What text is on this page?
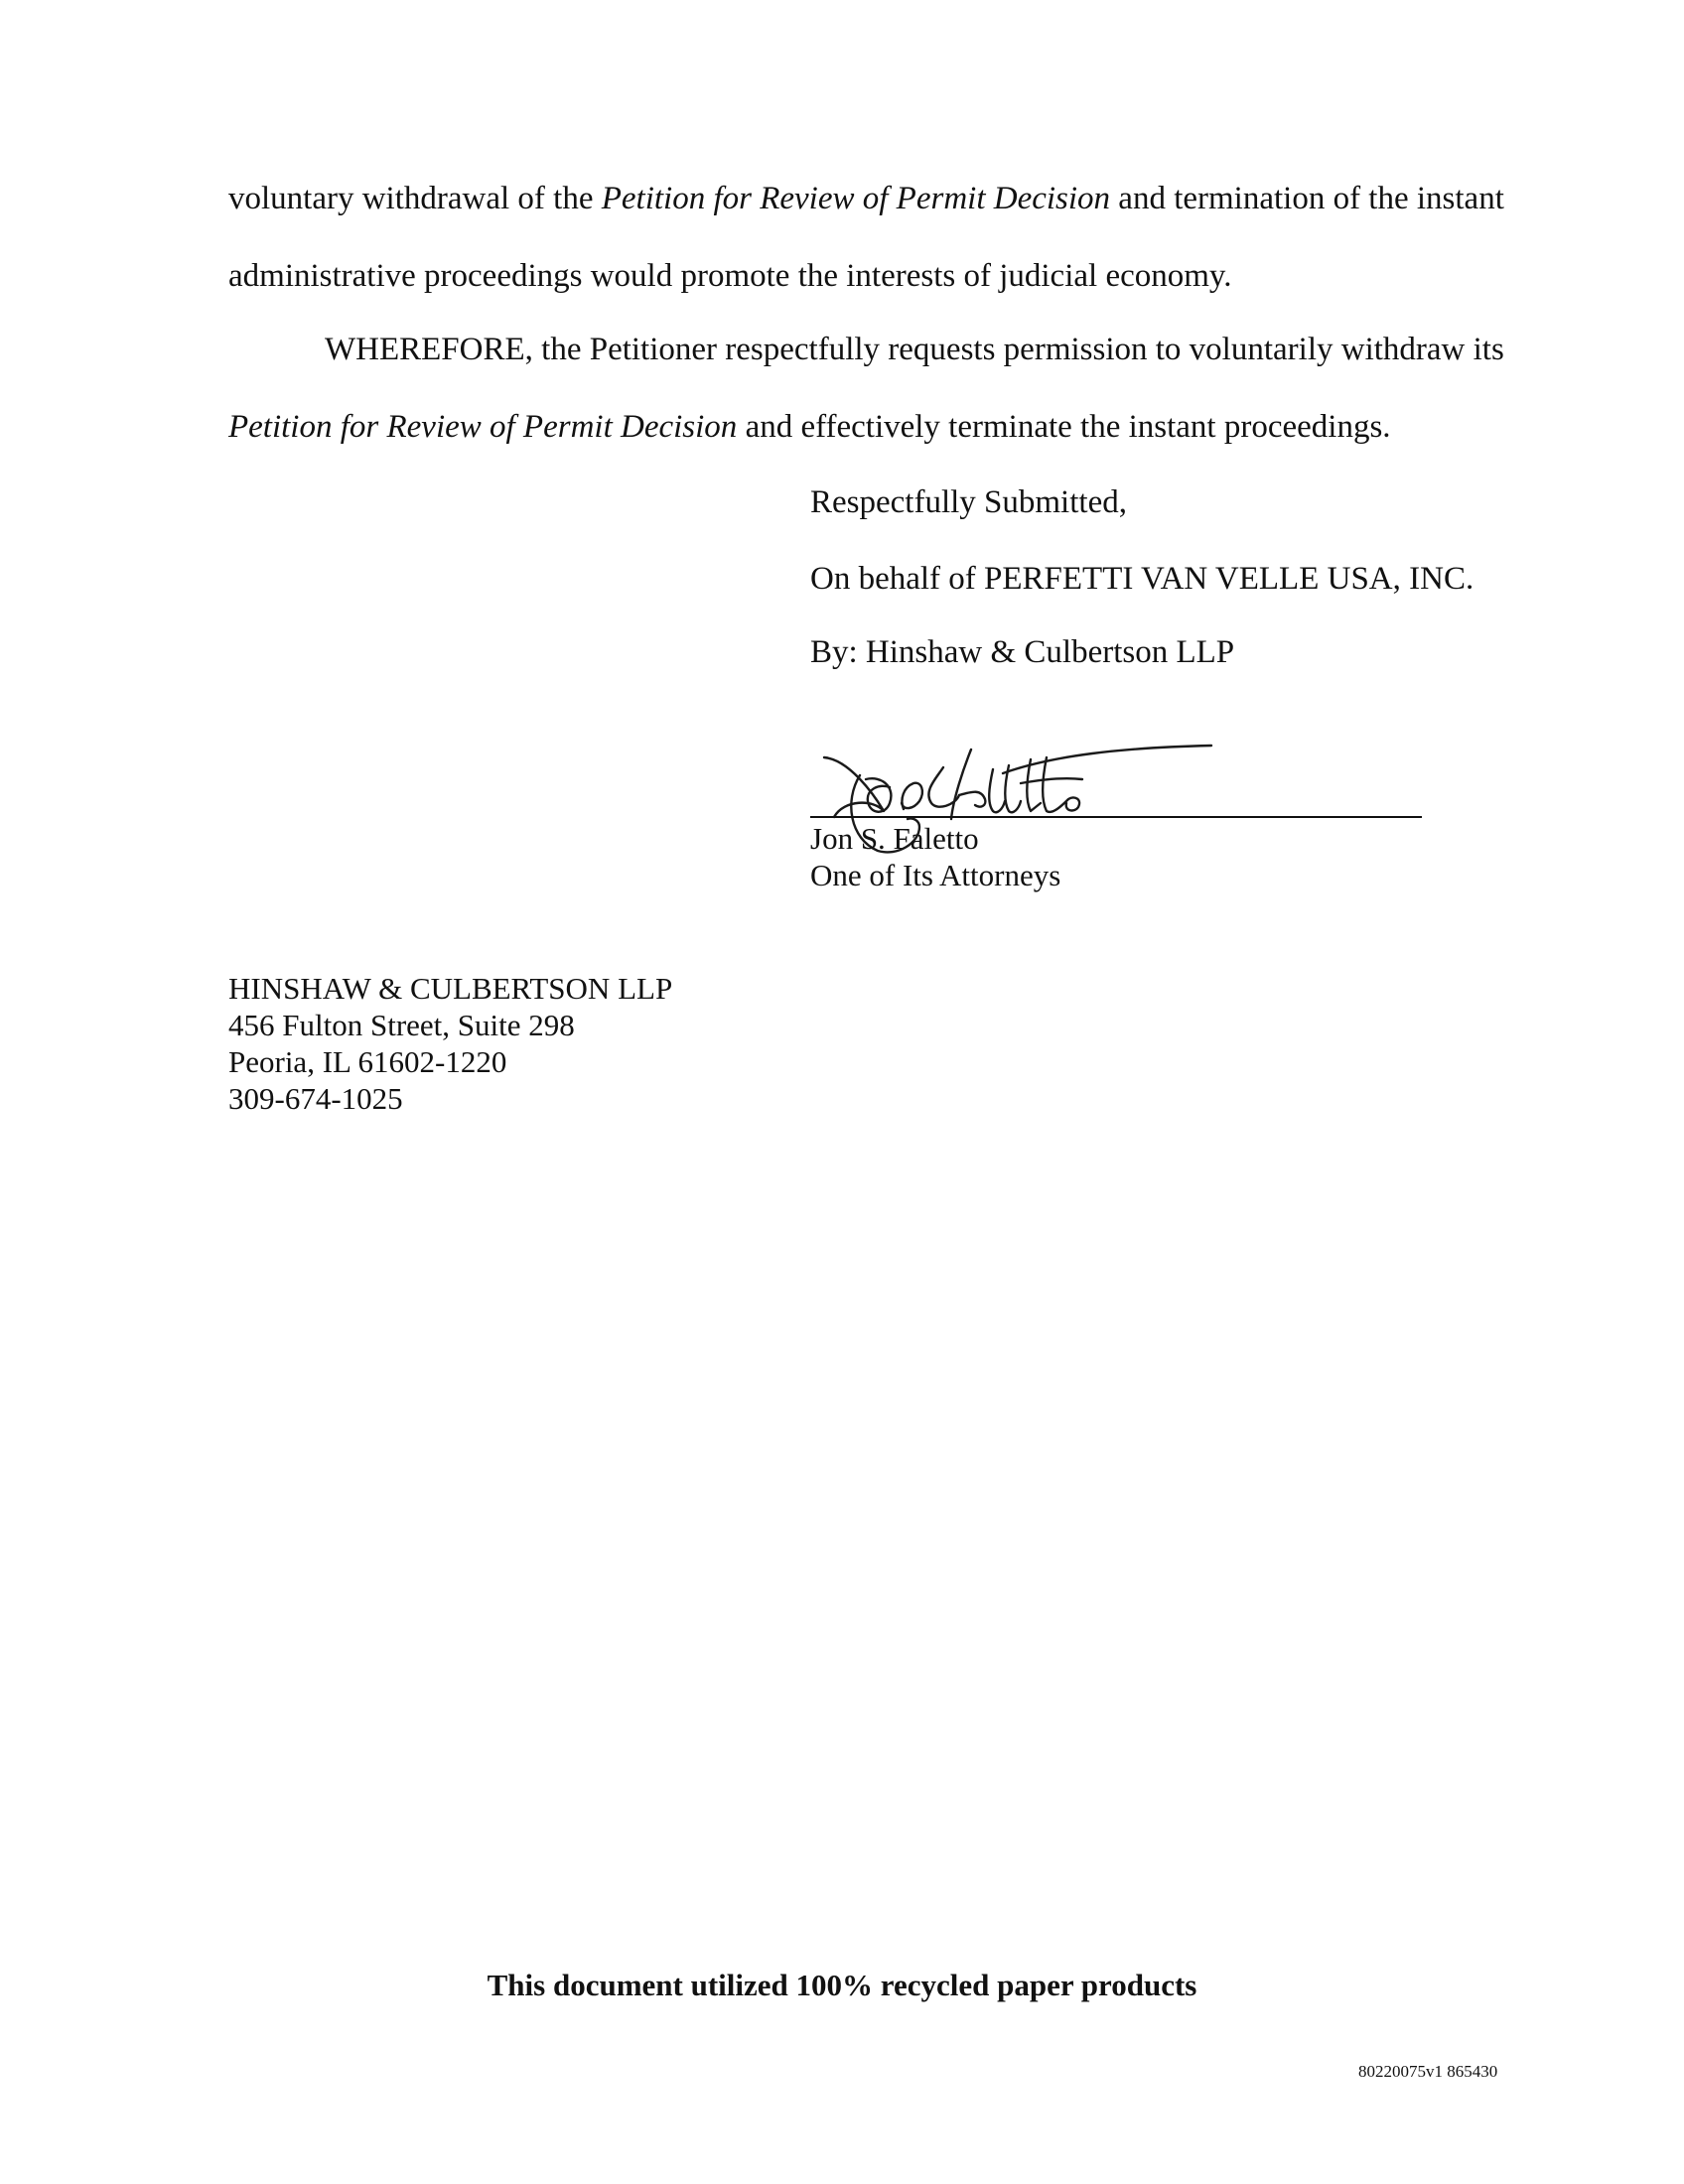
voluntary withdrawal of the Petition for Review of Permit Decision and termination of the instant
administrative proceedings would promote the interests of judicial economy.
WHEREFORE, the Petitioner respectfully requests permission to voluntarily withdraw its
Petition for Review of Permit Decision and effectively terminate the instant proceedings.
Respectfully Submitted,
On behalf of PERFETTI VAN VELLE USA, INC.
By: Hinshaw & Culbertson LLP
Jon S. Faletto
One of Its Attorneys
HINSHAW & CULBERTSON LLP
456 Fulton Street, Suite 298
Peoria, IL 61602-1220
309-674-1025
This document utilized 100% recycled paper products
80220075v1 865430
